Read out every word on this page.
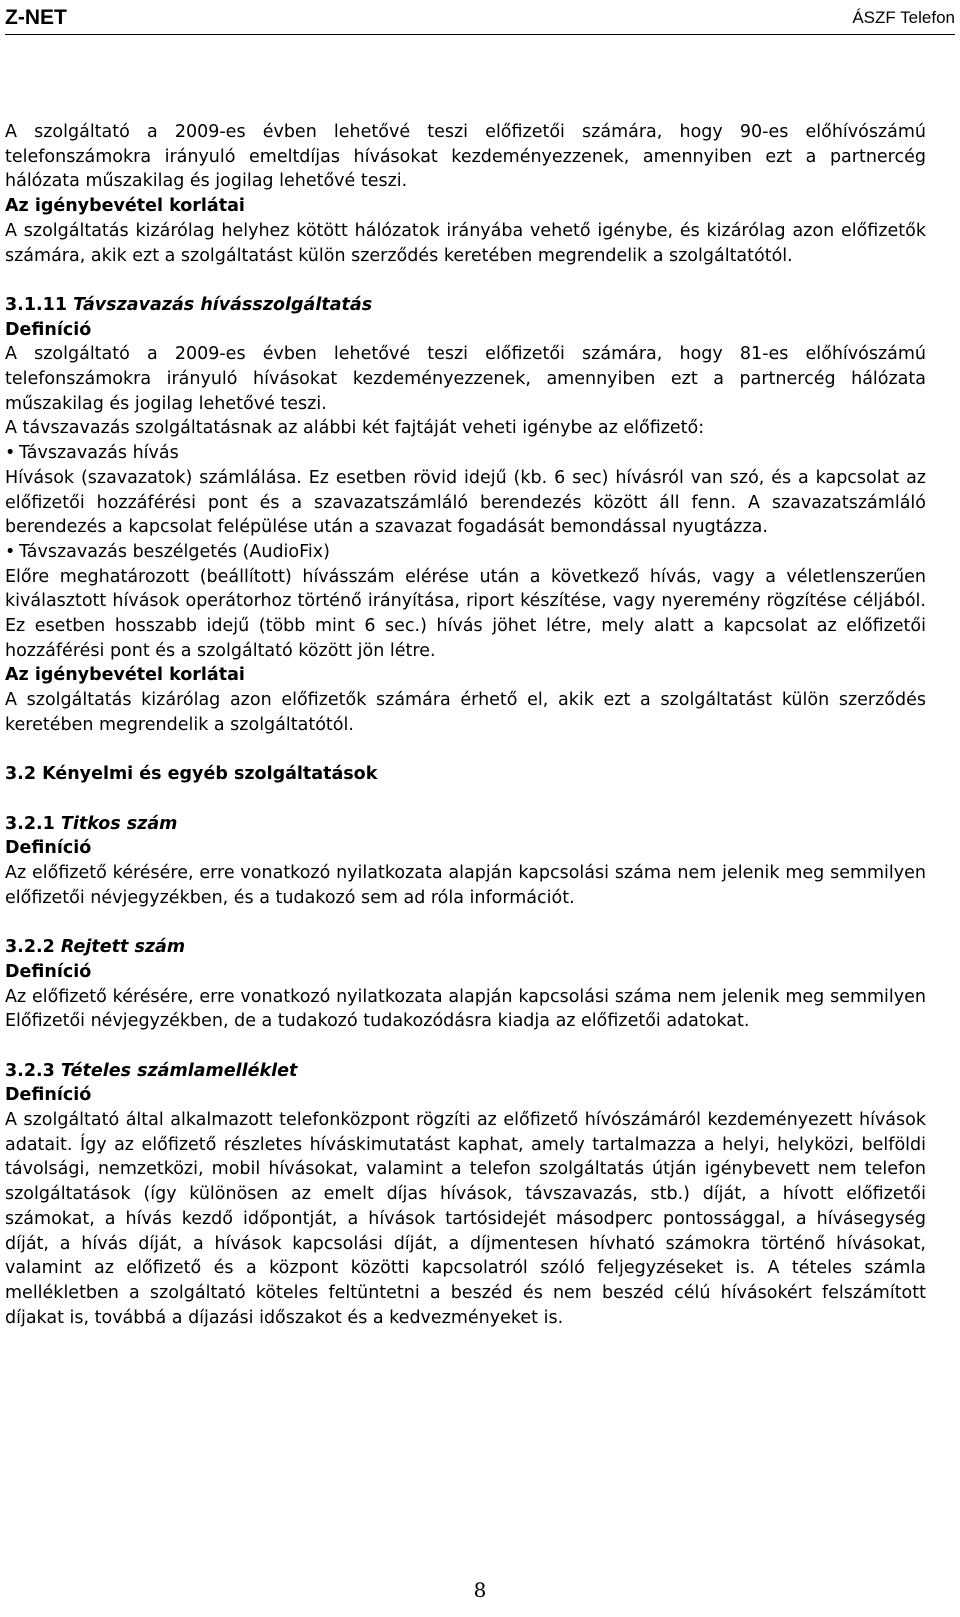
Z-NET	ÁSZF Telefon

A szolgáltató a 2009-es évben lehetővé teszi előfizetői számára, hogy 90-es előhívószámú telefonszámokra irányuló emeltdíjas hívásokat kezdeményezzenek, amennyiben ezt a partnercég hálózata műszakilag és jogilag lehetővé teszi.

Az igénybevétel korlátai

A szolgáltatás kizárólag helyhez kötött hálózatok irányába vehető igénybe, és kizárólag azon előfizetők számára, akik ezt a szolgáltatást külön szerződés keretében megrendelik a szolgáltatótól.

3.1.11 Távszavazás hívásszolgáltatás

Definíció

A szolgáltató a 2009-es évben lehetővé teszi előfizetői számára, hogy 81-es előhívószámú telefonszámokra irányuló hívásokat kezdeményezzenek, amennyiben ezt a partnercég hálózata műszakilag és jogilag lehetővé teszi.

A távszavazás szolgáltatásnak az alábbi két fajtáját veheti igénybe az előfizető:

• Távszavazás hívás

Hívások (szavazatok) számlálása. Ez esetben rövid idejű (kb. 6 sec) hívásról van szó, és a kapcsolat az előfizetői hozzáférési pont és a szavazatszámláló berendezés között áll fenn. A szavazatszámláló berendezés a kapcsolat felépülése után a szavazat fogadását bemondással nyugtázza.

• Távszavazás beszélgetés (AudioFix)

Előre meghatározott (beállított) hívásszám elérése után a következő hívás, vagy a véletlenszerűen kiválasztott hívások operátorhoz történő irányítása, riport készítése, vagy nyeremény rögzítése céljából. Ez esetben hosszabb idejű (több mint 6 sec.) hívás jöhet létre, mely alatt a kapcsolat az előfizetői hozzáférési pont és a szolgáltató között jön létre.

Az igénybevétel korlátai

A szolgáltatás kizárólag azon előfizetők számára érhető el, akik ezt a szolgáltatást külön szerződés keretében megrendelik a szolgáltatótól.

3.2 Kényelmi és egyéb szolgáltatások

3.2.1 Titkos szám

Definíció

Az előfizető kérésére, erre vonatkozó nyilatkozata alapján kapcsolási száma nem jelenik meg semmilyen előfizetői névjegyzékben, és a tudakozó sem ad róla információt.

3.2.2 Rejtett szám

Definíció

Az előfizető kérésére, erre vonatkozó nyilatkozata alapján kapcsolási száma nem jelenik meg semmilyen Előfizetői névjegyzékben, de a tudakozó tudakozódásra kiadja az előfizetői adatokat.

3.2.3 Tételes számlamelléklet

Definíció

A szolgáltató által alkalmazott telefonközpont rögzíti az előfizető hívószámáról kezdeményezett hívások adatait. Így az előfizető részletes híváskimutatást kaphat, amely tartalmazza a helyi, helyközi, belföldi távolsági, nemzetközi, mobil hívásokat, valamint a telefon szolgáltatás útján igénybevett nem telefon szolgáltatások (így különösen az emelt díjas hívások, távszavazás, stb.) díját, a hívott előfizetői számokat, a hívás kezdő időpontját, a hívások tartósidejét másodperc pontossággal, a hívásegység díját, a hívás díját, a hívások kapcsolási díját, a díjmentesen hívható számokra történő hívásokat, valamint az előfizető és a központ közötti kapcsolatról szóló feljegyzéseket is. A tételes számla mellékletben a szolgáltató köteles feltüntetni a beszéd és nem beszéd célú hívásokért felszámított díjakat is, továbbá a díjazási időszakot és a kedvezményeket is.

8
